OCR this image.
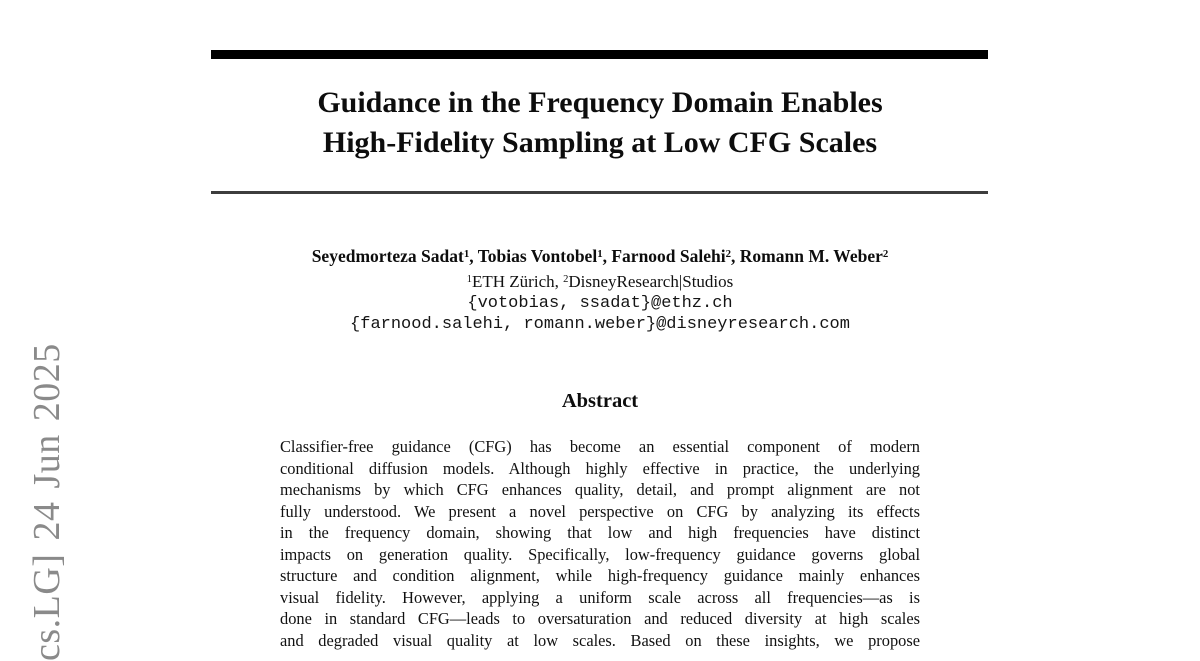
cs.LG] 24 Jun 2025
Guidance in the Frequency Domain Enables
High-Fidelity Sampling at Low CFG Scales
Seyedmorteza Sadat$^1$, Tobias Vontobel$^1$, Farnood Salehi$^2$, Romann M. Weber$^2$
$^1$ETH Zürich, $^2$DisneyResearch|Studios
{votobias, ssadat}@ethz.ch
{farnood.salehi, romann.weber}@disneyresearch.com
Abstract
Classifier-free guidance (CFG) has become an essential component of modern
conditional diffusion models. Although highly effective in practice, the underlying
mechanisms by which CFG enhances quality, detail, and prompt alignment are not
fully understood. We present a novel perspective on CFG by analyzing its effects
in the frequency domain, showing that low and high frequencies have distinct
impacts on generation quality. Specifically, low-frequency guidance governs global
structure and condition alignment, while high-frequency guidance mainly enhances
visual fidelity. However, applying a uniform scale across all frequencies—as is
done in standard CFG—leads to oversaturation and reduced diversity at high scales
and degraded visual quality at low scales. Based on these insights, we propose
